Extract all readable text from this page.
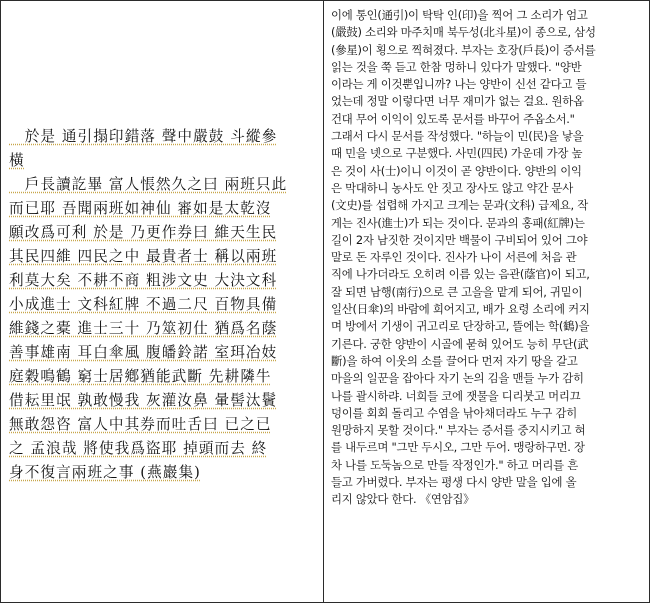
　於是 通引搨印錯落 聲中嚴鼓 斗縱參
橫
　戶長讀訖畢 富人悵然久之曰 兩班只此
而已耶 吾聞兩班如神仙 審如是太乾沒
願改爲可利 於是 乃更作券曰 維天生民
其民四維 四民之中 最貴者士 稱以兩班
利莫大矣 不耕不商 粗涉文史 大決文科
小成進士 文科紅牌 不過二尺 百物具備
維錢之橐 進士三十 乃筮初仕 猶爲名蔭
善事雄南 耳白傘風 腹皤鈴諾 室珥冶妓
庭穀鳴鶴 窮士居鄕猶能武斷 先耕隣牛
借耘里氓 孰敢慢我 灰灌汝鼻 暈髻汰鬢
無敢怨咨 富人中其券而吐舌曰 已之已
之 孟浪哉 將使我爲盜耶 掉頭而去 終
身不復言兩班之事 (燕巖集)
이에 통인(通引)이 탁탁 인(印)을 찍어 그 소리가 엄고
(嚴鼓) 소리와 마주치매 북두성(北斗星)이 종으로, 삼성
(參星)이 횡으로 찍혀졌다. 부자는 호장(戶長)이 증서를
읽는 것을 쭉 듣고 한참 멍하니 있다가 말했다. "양반
이라는 게 이것뿐입니까? 나는 양반이 신선 같다고 들
었는데 정말 이렇다면 너무 재미가 없는 걸요. 원하옵
건대 무어 이익이 있도록 문서를 바꾸어 주옵소서."
그래서 다시 문서를 작성했다. "하늘이 민(民)을 낳을
때 민을 넷으로 구분했다. 사민(四民) 가운데 가장 높
은 것이 사(士)이니 이것이 곧 양반이다. 양반의 이익
은 막대하니 농사도 안 짓고 장사도 않고 약간 문사
(文史)를 섭렵해 가지고 크게는 문과(文科) 급제요, 작
게는 진사(進士)가 되는 것이다. 문과의 홍패(紅牌)는
길이 2자 남짓한 것이지만 백물이 구비되어 있어 그야
말로 돈 자루인 것이다. 진사가 나이 서른에 처음 관
직에 나가더라도 오히려 이름 있는 음관(蔭官)이 되고,
잘 되면 남행(南行)으로 큰 고을을 맡게 되어, 귀밑이
일산(日傘)의 바람에 희어지고, 배가 요령 소리에 커지
며 방에서 기생이 귀고리로 단장하고, 뜰에는 학(鶴)을
기른다. 궁한 양반이 시골에 묻혀 있어도 능히 무단(武
斷)을 하여 이웃의 소를 끌어다 먼저 자기 땅을 갈고
마을의 일꾼을 잡아다 자기 논의 김을 맨들 누가 감히
나를 괄시하랴. 너희들 코에 잿물을 디리붓고 머리끄
덩이를 회회 돌리고 수염을 낚아채더라도 누구 감히
원망하지 못할 것이다." 부자는 증서를 중지시키고 혀
를 내두르며 "그만 두시오, 그만 두어. 맹랑하구먼. 장
차 나를 도둑놈으로 만들 작정인가." 하고 머리를 흔
들고 가버렸다. 부자는 평생 다시 양반 말을 입에 올
리지 않았다 한다. 《연암집》
